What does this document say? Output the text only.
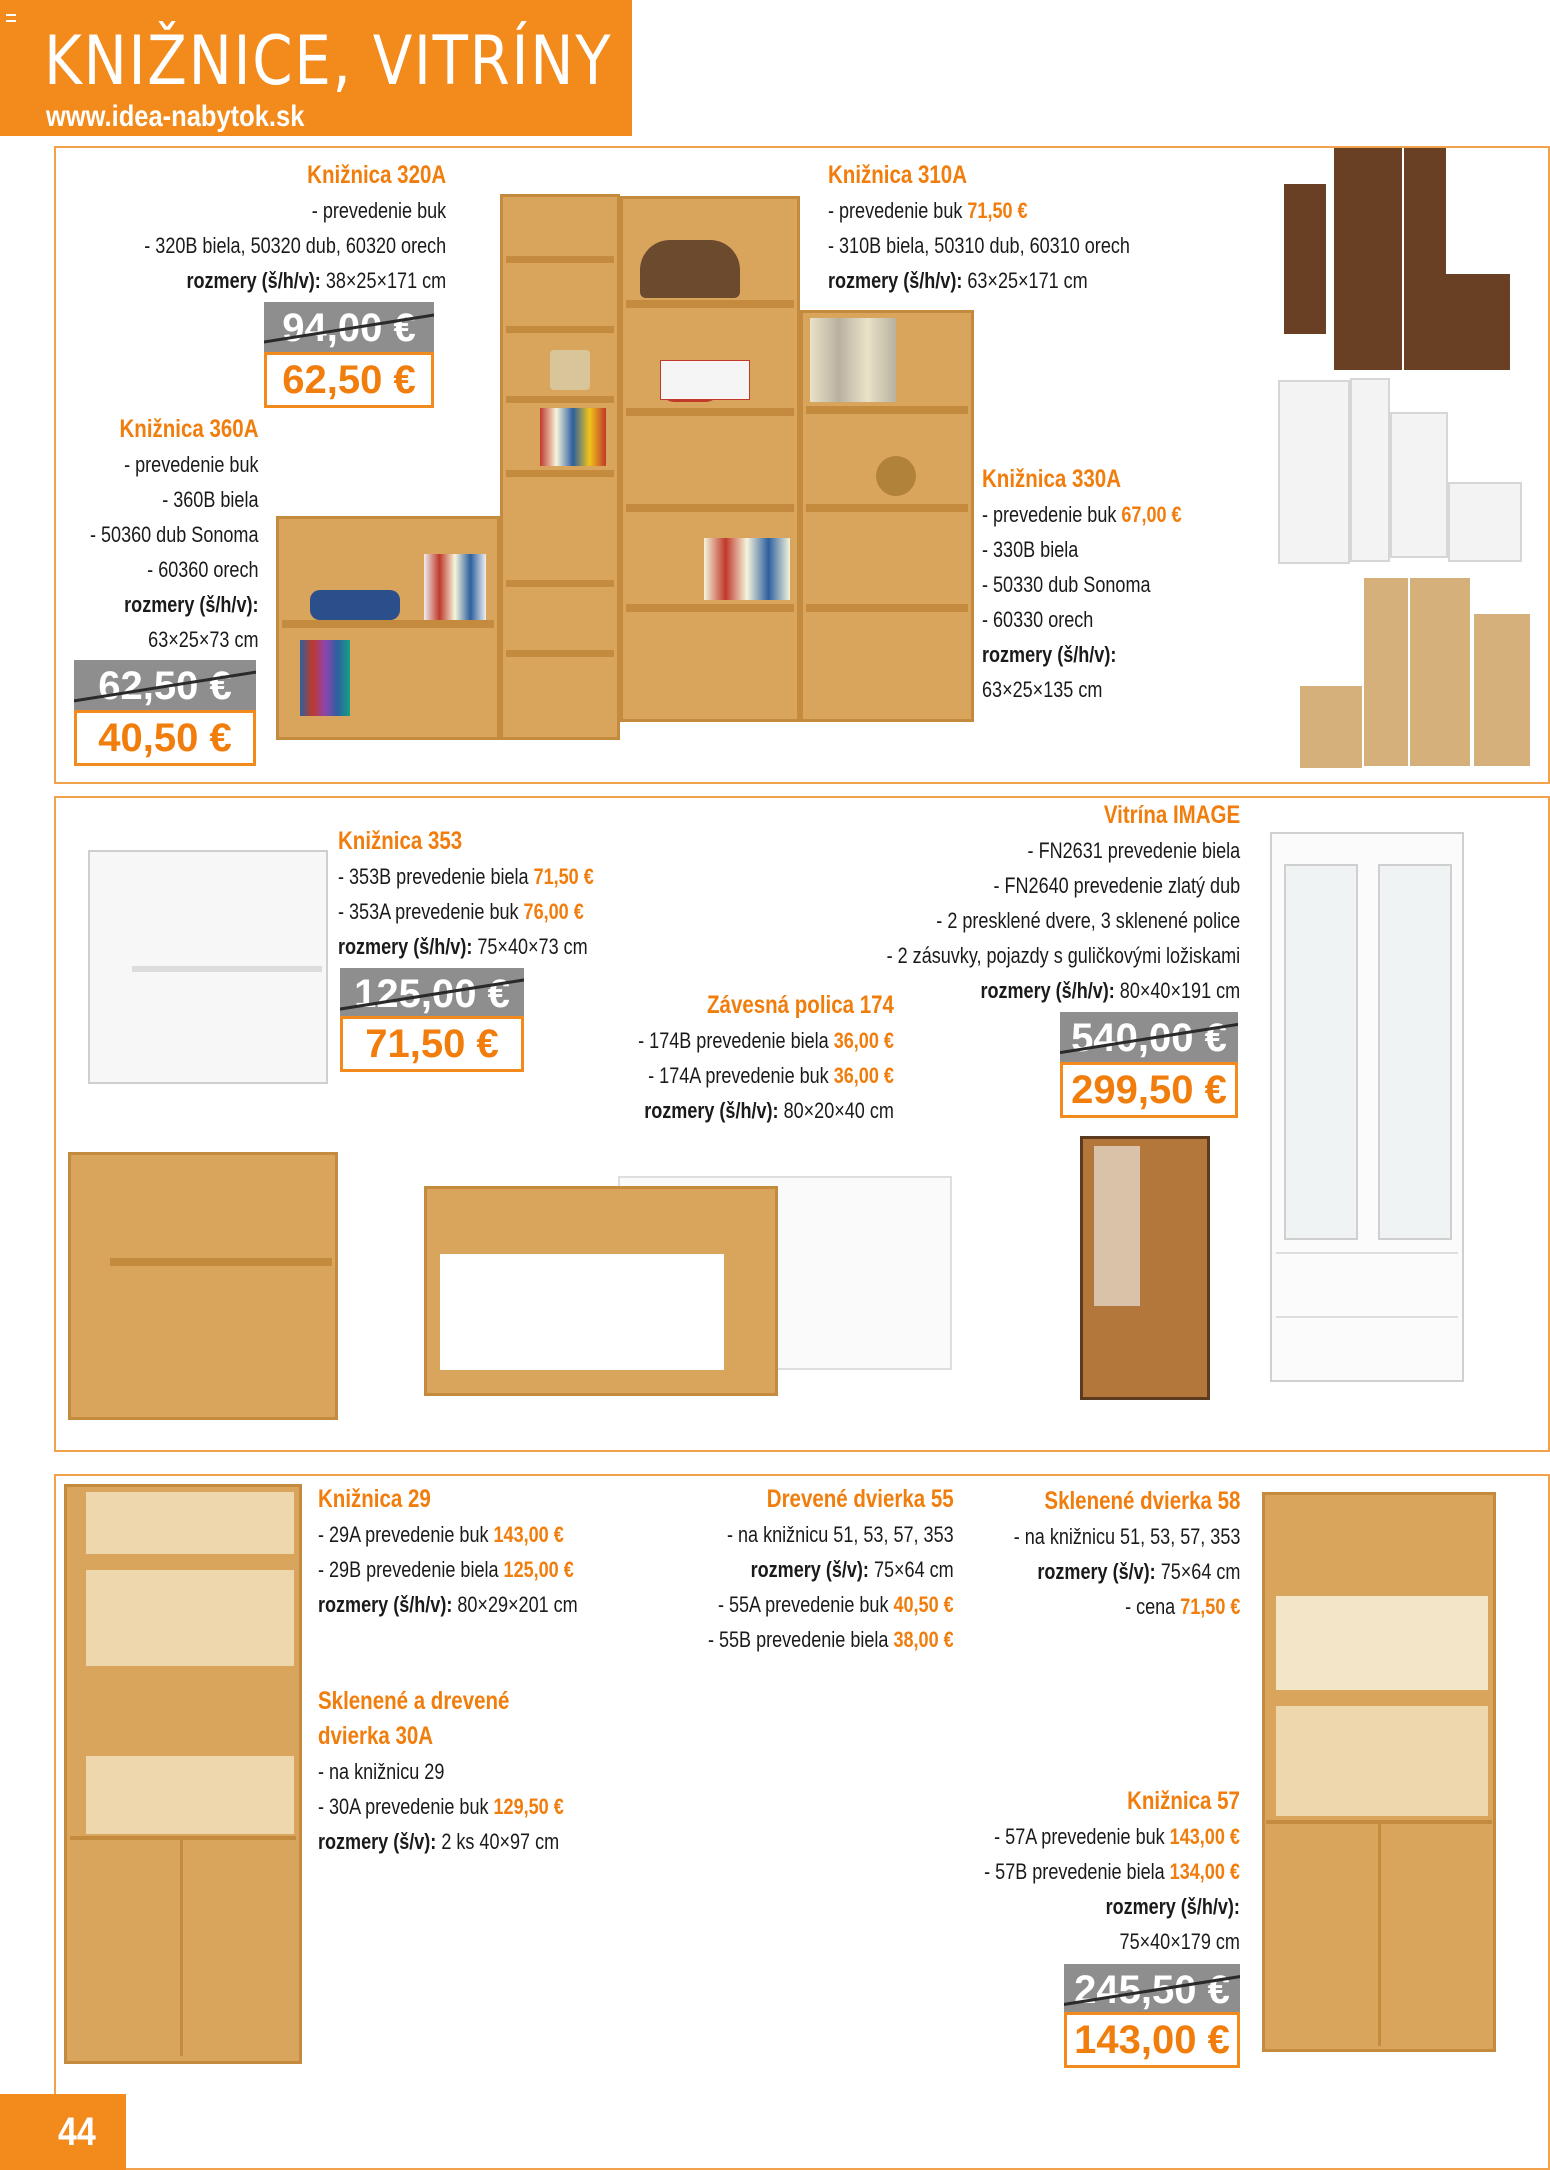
KNIŽNICE, VITRÍNY
www.idea-nabytok.sk
Knižnica 320A
- prevedenie buk
- 320B biela, 50320 dub, 60320 orech
rozmery (š/h/v): 38×25×171 cm
94,00 €
62,50 €
Knižnica 360A
- prevedenie buk
- 360B biela
- 50360 dub Sonoma
- 60360 orech
rozmery (š/h/v):
63×25×73 cm
62,50 €
40,50 €
Knižnica 310A
- prevedenie buk 71,50 €
- 310B biela, 50310 dub, 60310 orech
rozmery (š/h/v): 63×25×171 cm
Knižnica 330A
- prevedenie buk 67,00 €
- 330B biela
- 50330 dub Sonoma
- 60330 orech
rozmery (š/h/v):
63×25×135 cm
Knižnica 353
- 353B prevedenie biela 71,50 €
- 353A prevedenie buk 76,00 €
rozmery (š/h/v): 75×40×73 cm
125,00 €
71,50 €
Závesná polica 174
- 174B prevedenie biela 36,00 €
- 174A prevedenie buk 36,00 €
rozmery (š/h/v): 80×20×40 cm
Vitrína IMAGE
- FN2631 prevedenie biela
- FN2640 prevedenie zlatý dub
- 2 presklené dvere, 3 sklenené police
- 2 zásuvky, pojazdy s guličkovými ložiskami
rozmery (š/h/v): 80×40×191 cm
540,00 €
299,50 €
Knižnica 29
- 29A prevedenie buk 143,00 €
- 29B prevedenie biela 125,00 €
rozmery (š/h/v): 80×29×201 cm
Sklenené a drevené
dvierka 30A
- na knižnicu 29
- 30A prevedenie buk 129,50 €
rozmery (š/v): 2 ks 40×97 cm
Drevené dvierka 55
- na knižnicu 51, 53, 57, 353
rozmery (š/v): 75×64 cm
- 55A prevedenie buk 40,50 €
- 55B prevedenie biela 38,00 €
Sklenené dvierka 58
- na knižnicu 51, 53, 57, 353
rozmery (š/v): 75×64 cm
- cena 71,50 €
Knižnica 57
- 57A prevedenie buk 143,00 €
- 57B prevedenie biela 134,00 €
rozmery (š/h/v):
75×40×179 cm
245,50 €
143,00 €
44
